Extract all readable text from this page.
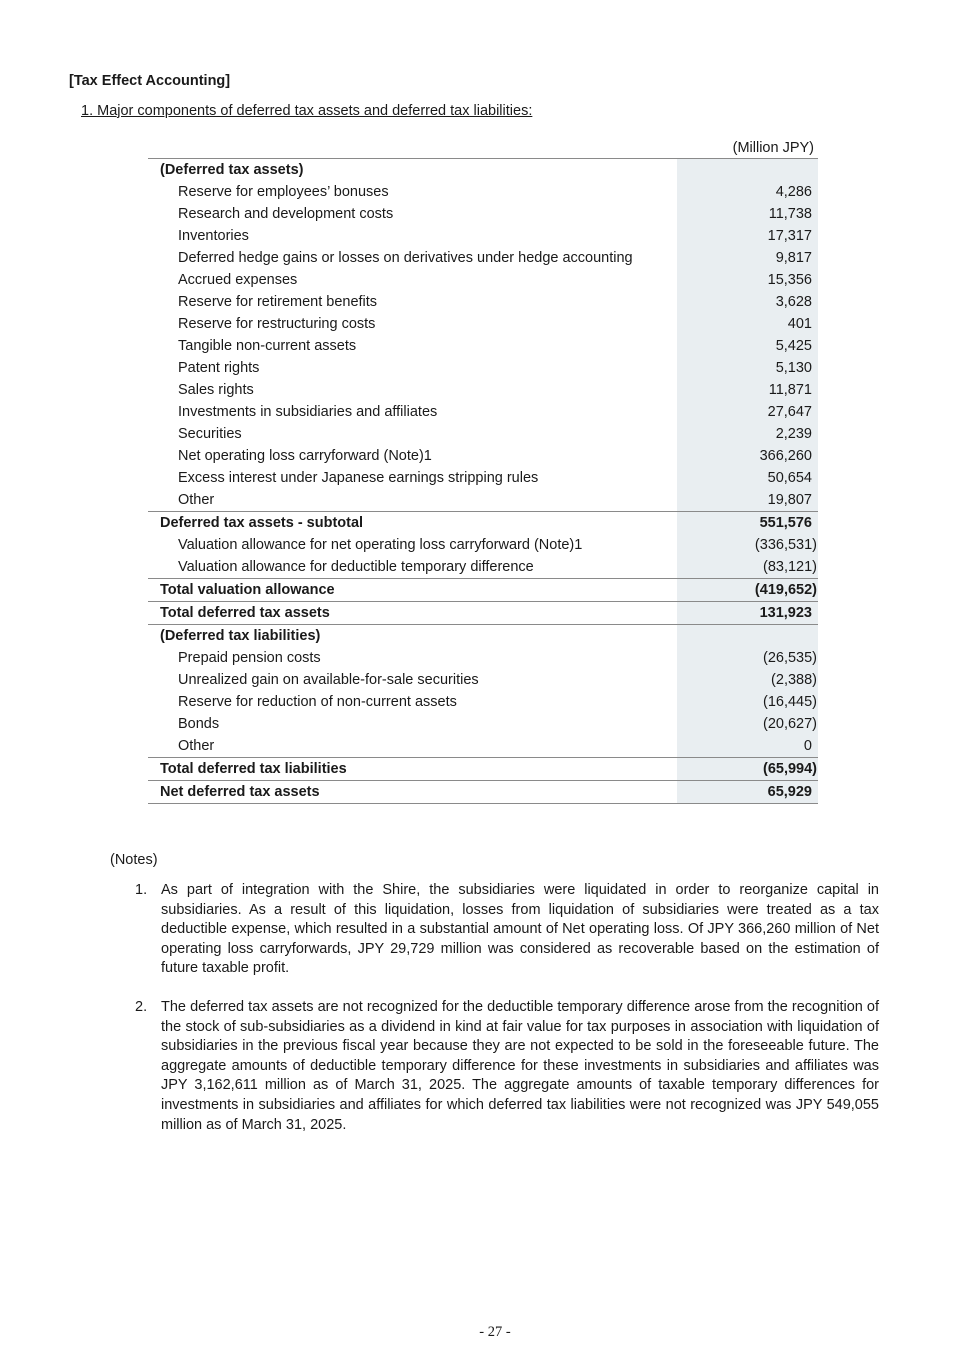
[Tax Effect Accounting]
1. Major components of deferred tax assets and deferred tax liabilities:
(Million JPY)
(Deferred tax assets)	
Reserve for employees’ bonuses	4,286
Research and development costs	11,738
Inventories	17,317
Deferred hedge gains or losses on derivatives under hedge accounting	9,817
Accrued expenses	15,356
Reserve for retirement benefits	3,628
Reserve for restructuring costs	401
Tangible non-current assets	5,425
Patent rights	5,130
Sales rights	11,871
Investments in subsidiaries and affiliates	27,647
Securities	2,239
Net operating loss carryforward (Note)1	366,260
Excess interest under Japanese earnings stripping rules	50,654
Other	19,807
Deferred tax assets - subtotal	551,576
Valuation allowance for net operating loss carryforward (Note)1	(336,531)
Valuation allowance for deductible temporary difference	(83,121)
Total valuation allowance	(419,652)
Total deferred tax assets	131,923
(Deferred tax liabilities)	
Prepaid pension costs	(26,535)
Unrealized gain on available-for-sale securities	(2,388)
Reserve for reduction of non-current assets	(16,445)
Bonds	(20,627)
Other	0
Total deferred tax liabilities	(65,994)
Net deferred tax assets	65,929
(Notes)
1. As part of integration with the Shire, the subsidiaries were liquidated in order to reorganize capital in subsidiaries. As a result of this liquidation, losses from liquidation of subsidiaries were treated as a tax deductible expense, which resulted in a substantial amount of Net operating loss. Of JPY 366,260 million of Net operating loss carryforwards, JPY 29,729 million was considered as recoverable based on the estimation of future taxable profit.
2. The deferred tax assets are not recognized for the deductible temporary difference arose from the recognition of the stock of sub-subsidiaries as a dividend in kind at fair value for tax purposes in association with liquidation of subsidiaries in the previous fiscal year because they are not expected to be sold in the foreseeable future. The aggregate amounts of deductible temporary difference for these investments in subsidiaries and affiliates was JPY 3,162,611 million as of March 31, 2025. The aggregate amounts of taxable temporary differences for investments in subsidiaries and affiliates for which deferred tax liabilities were not recognized was JPY 549,055 million as of March 31, 2025.
- 27 -
